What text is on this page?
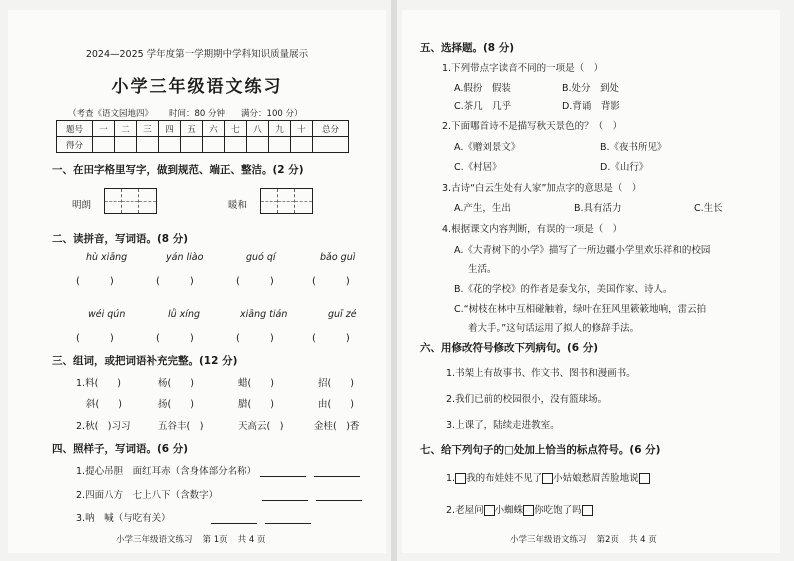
2024—2025 学年度第一学期期中学科知识质量展示
小学三年级语文练习
（考查《语文园地四》 时间：80 分钟 满分：100 分）
题号	一	二	三	四	五	六	七	八	九	十	总分
得分											
一、在田字格里写字，做到规范、端正、整洁。(2 分)
明朗	暖和
二、读拼音，写词语。(8 分)
hù xiāng	yán liào	guó qí	bǎo guì
(　　　)	(　　　)	(　　　)	(　　　)
wéi qún	lǜ xíng	xiāng tián	guī zé
(　　　)	(　　　)	(　　　)	(　　　)
三、组词，或把词语补充完整。(12 分)
1.料(　　)	杨(　　)	蜡(　　)	招(　　)
斜(　　)	扬(　　)	腊(　　)	由(　　)
2.秋(　)习习	五谷丰(　)	天高云(　)	金桂(　)香
四、照样子，写词语。(6 分)
1.提心吊胆　面红耳赤（含身体部分名称）
2.四面八方　七上八下（含数字）
3.呐　喊（与吃有关）
小学三年级语文练习 第 1页 共 4 页
五、选择题。(8 分)
1.下列带点字读音不同的一项是（　）
A.假扮　假装	B.处分　到处
C.茶几　几乎	D.背诵　背影
2.下面哪首诗不是描写秋天景色的？（　）
A.《赠刘景文》	B.《夜书所见》
C.《村居》	D.《山行》
3.古诗“白云生处有人家”加点字的意思是（　）
A.产生，生出	B.具有活力	C.生长
4.根据课文内容判断，有误的一项是（　）
A.《大青树下的小学》描写了一所边疆小学里欢乐祥和的校园
生活。
B.《花的学校》的作者是泰戈尔，美国作家、诗人。
C.“树枝在林中互相碰触着，绿叶在狂风里簌簌地响，雷云拍
着大手。”这句话运用了拟人的修辞手法。
六、用修改符号修改下列病句。(6 分)
1.书架上有故事书、作文书、图书和漫画书。
2.我们已前的校园很小，没有篮球场。
3.上课了，陆续走进教室。
七、给下列句子的□处加上恰当的标点符号。(6 分)
1. 我的布娃娃不见了 小姑娘愁眉苦脸地说
2.老屋问 小蜘蛛 你吃饱了吗
小学三年级语文练习 第2页 共 4 页
